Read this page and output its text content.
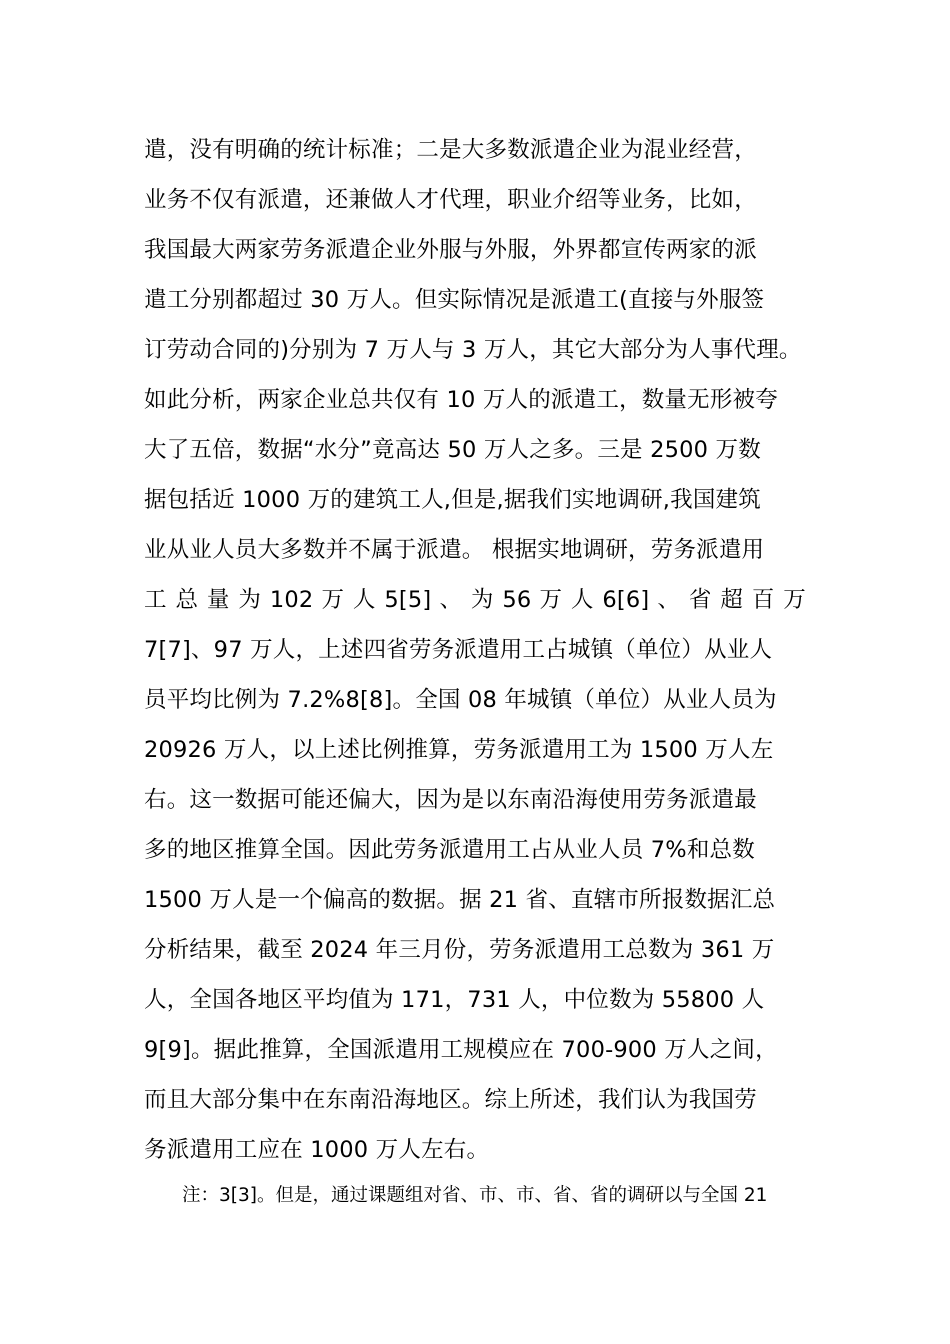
遣，没有明确的统计标准；二是大多数派遣企业为混业经营，
业务不仅有派遣，还兼做人才代理，职业介绍等业务，比如，
我国最大两家劳务派遣企业外服与外服，外界都宣传两家的派
遣工分别都超过 30 万人。但实际情况是派遣工(直接与外服签
订劳动合同的)分别为 7 万人与 3 万人，其它大部分为人事代理。
如此分析，两家企业总共仅有 10 万人的派遣工，数量无形被夸
大了五倍，数据“水分”竟高达 50 万人之多。三是 2500 万数
据包括近 1000 万的建筑工人,但是,据我们实地调研,我国建筑
业从业人员大多数并不属于派遣。 根据实地调研，劳务派遣用
工 总 量 为 102 万 人 5[5] 、 为 56 万 人 6[6] 、 省 超 百 万
7[7]、97 万人，上述四省劳务派遣用工占城镇（单位）从业人
员平均比例为 7.2%8[8]。全国 08 年城镇（单位）从业人员为
20926 万人，以上述比例推算，劳务派遣用工为 1500 万人左
右。这一数据可能还偏大，因为是以东南沿海使用劳务派遣最
多的地区推算全国。因此劳务派遣用工占从业人员 7%和总数
1500 万人是一个偏高的数据。据 21 省、直辖市所报数据汇总
分析结果，截至 2024 年三月份，劳务派遣用工总数为 361 万
人，全国各地区平均值为 171，731 人，中位数为 55800 人
9[9]。据此推算，全国派遣用工规模应在 700-900 万人之间，
而且大部分集中在东南沿海地区。综上所述，我们认为我国劳
务派遣用工应在 1000 万人左右。
注：3[3]。但是，通过课题组对省、市、市、省、省的调研以与全国 21
